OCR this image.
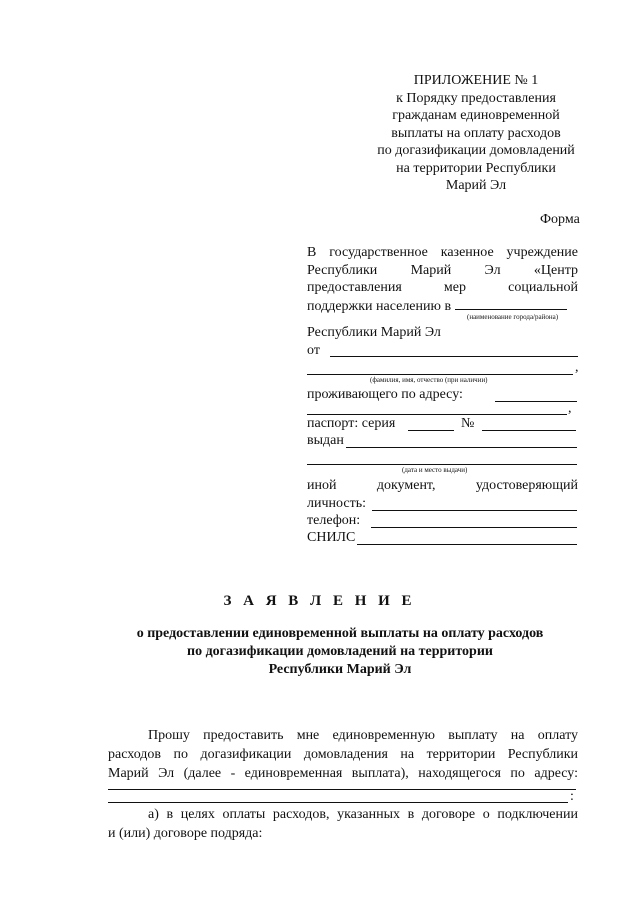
ПРИЛОЖЕНИЕ № 1
к Порядку предоставления
гражданам единовременной
выплаты на оплату расходов
по догазификации домовладений
на территории Республики
Марий Эл
Форма
В государственное казенное учреждение
Республики Марий Эл «Центр
предоставления	мер	социальной
поддержки населению в
(наименование города/района)
Республики Марий Эл
от
,
(фамилия, имя, отчество (при наличии)
проживающего по адресу:
,
паспорт: серия	№
выдан
(дата и место выдачи)
иной	документ,	удостоверяющий
личность:
телефон:
СНИЛС
З А Я В Л Е Н И Е
о предоставлении единовременной выплаты на оплату расходов
по догазификации домовладений на территории
Республики Марий Эл
Прошу предоставить мне единовременную выплату на оплату
расходов по догазификации домовладения на территории Республики
Марий Эл (далее - единовременная выплата), находящегося по адресу:
:
а) в целях оплаты расходов, указанных в договоре о подключении
и (или) договоре подряда:
